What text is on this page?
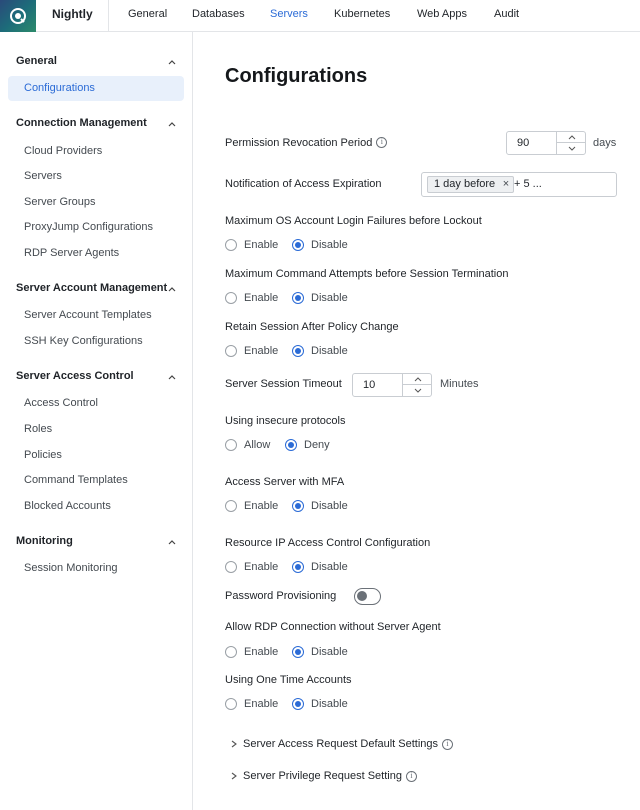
Nightly	General Databases Servers Kubernetes Web Apps Audit
General
Configurations
Connection Management
Cloud Providers
Servers
Server Groups
ProxyJump Configurations
RDP Server Agents
Server Account Management
Server Account Templates
SSH Key Configurations
Server Access Control
Access Control
Roles
Policies
Command Templates
Blocked Accounts
Monitoring
Session Monitoring
Configurations
Permission Revocation Periodi	90	days
Notification of Access Expiration	1 day before × + 5 ...
Maximum OS Account Login Failures before Lockout
Enable	Disable
Maximum Command Attempts before Session Termination
Enable	Disable
Retain Session After Policy Change
Enable	Disable
Server Session Timeout 10	Minutes
Using insecure protocols
Allow	Deny
Access Server with MFA
Enable	Disable
Resource IP Access Control Configuration
Enable	Disable
Password Provisioning
Allow RDP Connection without Server Agent
Enable	Disable
Using One Time Accounts
Enable	Disable
Server Access Request Default Settings
i
Server Privilege Request Setting
i
